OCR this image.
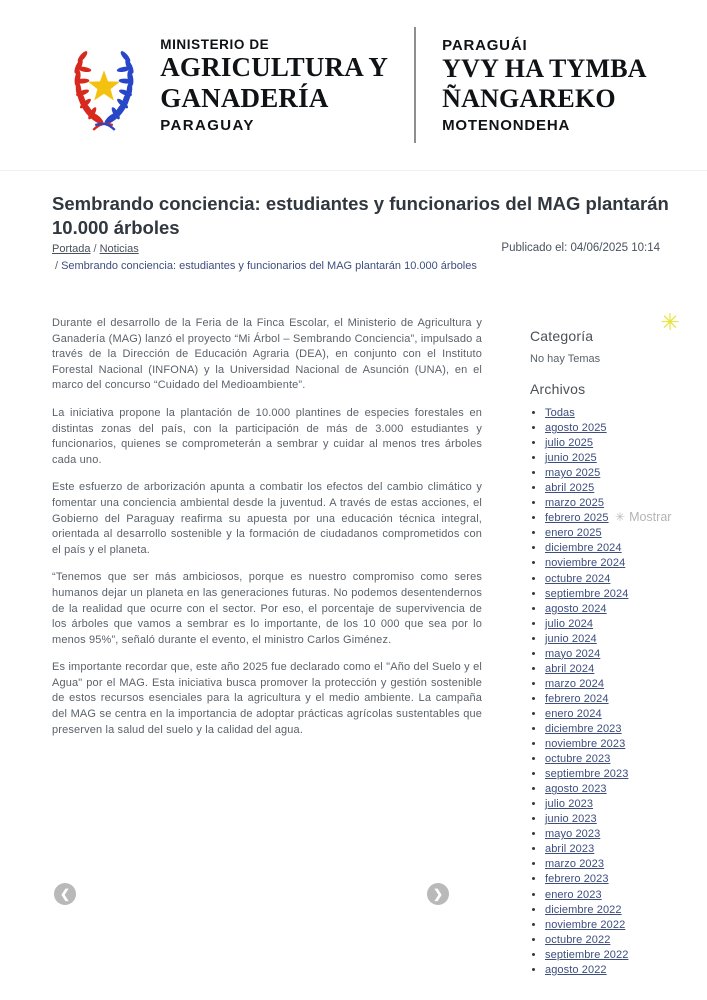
MINISTERIO DE
AGRICULTURA Y
GANADERÍA
PARAGUAY
PARAGUÁI
YVY HA TYMBA
ÑANGAREKO
MOTENONDEHA
Sembrando conciencia: estudiantes y funcionarios del MAG plantarán 10.000 árboles
Portada / Noticias
/ Sembrando conciencia: estudiantes y funcionarios del MAG plantarán 10.000 árboles
Publicado el: 04/06/2025 10:14

Durante el desarrollo de la Feria de la Finca Escolar, el Ministerio de Agricultura y Ganadería (MAG) lanzó el proyecto “Mi Árbol – Sembrando Conciencia”, impulsado a través de la Dirección de Educación Agraria (DEA), en conjunto con el Instituto Forestal Nacional (INFONA) y la Universidad Nacional de Asunción (UNA), en el marco del concurso “Cuidado del Medioambiente”.

La iniciativa propone la plantación de 10.000 plantines de especies forestales en distintas zonas del país, con la participación de más de 3.000 estudiantes y funcionarios, quienes se comprometerán a sembrar y cuidar al menos tres árboles cada uno.

Este esfuerzo de arborización apunta a combatir los efectos del cambio climático y fomentar una conciencia ambiental desde la juventud. A través de estas acciones, el Gobierno del Paraguay reafirma su apuesta por una educación técnica integral, orientada al desarrollo sostenible y la formación de ciudadanos comprometidos con el país y el planeta.

“Tenemos que ser más ambiciosos, porque es nuestro compromiso como seres humanos dejar un planeta en las generaciones futuras. No podemos desentendernos de la realidad que ocurre con el sector. Por eso, el porcentaje de supervivencia de los árboles que vamos a sembrar es lo importante, de los 10 000 que sea por lo menos 95%”, señaló durante el evento, el ministro Carlos Giménez.

Es importante recordar que, este año 2025 fue declarado como el "Año del Suelo y el Agua" por el MAG. Esta iniciativa busca promover la protección y gestión sostenible de estos recursos esenciales para la agricultura y el medio ambiente. La campaña del MAG se centra en la importancia de adoptar prácticas agrícolas sustentables que preserven la salud del suelo y la calidad del agua.

❮	❯
✳
Categoría

No hay Temas

Archivos
• Todas
• agosto 2025
• julio 2025
• junio 2025
• mayo 2025
• abril 2025
• marzo 2025
• febrero 2025 ✳ Mostrar
• enero 2025
• diciembre 2024
• noviembre 2024
• octubre 2024
• septiembre 2024
• agosto 2024
• julio 2024
• junio 2024
• mayo 2024
• abril 2024
• marzo 2024
• febrero 2024
• enero 2024
• diciembre 2023
• noviembre 2023
• octubre 2023
• septiembre 2023
• agosto 2023
• julio 2023
• junio 2023
• mayo 2023
• abril 2023
• marzo 2023
• febrero 2023
• enero 2023
• diciembre 2022
• noviembre 2022
• octubre 2022
• septiembre 2022
• agosto 2022
